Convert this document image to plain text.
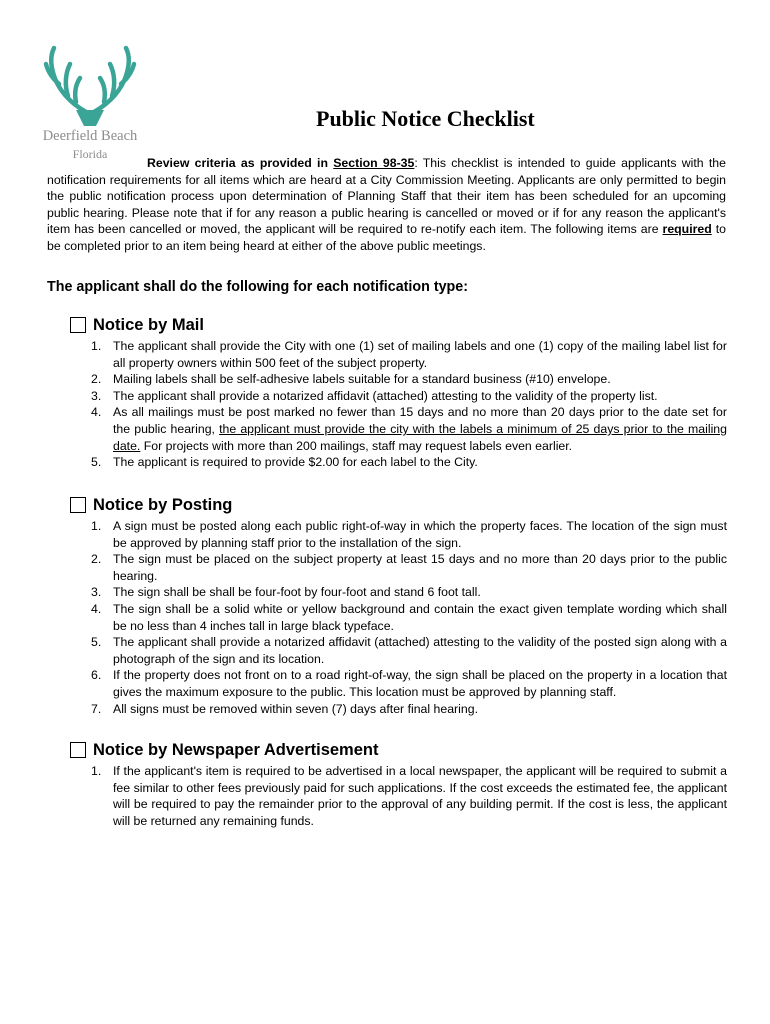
Deerfield Beach
Florida
Public Notice Checklist
Review criteria as provided in Section 98-35: This checklist is intended to guide applicants with the notification requirements for all items which are heard at a City Commission Meeting. Applicants are only permitted to begin the public notification process upon determination of Planning Staff that their item has been scheduled for an upcoming public hearing. Please note that if for any reason a public hearing is cancelled or moved or if for any reason the applicant's item has been cancelled or moved, the applicant will be required to re-notify each item. The following items are required to be completed prior to an item being heard at either of the above public meetings.
The applicant shall do the following for each notification type:
Notice by Mail
1. The applicant shall provide the City with one (1) set of mailing labels and one (1) copy of the mailing label list for all property owners within 500 feet of the subject property.
2. Mailing labels shall be self-adhesive labels suitable for a standard business (#10) envelope.
3. The applicant shall provide a notarized affidavit (attached) attesting to the validity of the property list.
4. As all mailings must be post marked no fewer than 15 days and no more than 20 days prior to the date set for the public hearing, the applicant must provide the city with the labels a minimum of 25 days prior to the mailing date. For projects with more than 200 mailings, staff may request labels even earlier.
5. The applicant is required to provide $2.00 for each label to the City.
Notice by Posting
1. A sign must be posted along each public right-of-way in which the property faces. The location of the sign must be approved by planning staff prior to the installation of the sign.
2. The sign must be placed on the subject property at least 15 days and no more than 20 days prior to the public hearing.
3. The sign shall be shall be four-foot by four-foot and stand 6 foot tall.
4. The sign shall be a solid white or yellow background and contain the exact given template wording which shall be no less than 4 inches tall in large black typeface.
5. The applicant shall provide a notarized affidavit (attached) attesting to the validity of the posted sign along with a photograph of the sign and its location.
6. If the property does not front on to a road right-of-way, the sign shall be placed on the property in a location that gives the maximum exposure to the public. This location must be approved by planning staff.
7. All signs must be removed within seven (7) days after final hearing.
Notice by Newspaper Advertisement
1. If the applicant's item is required to be advertised in a local newspaper, the applicant will be required to submit a fee similar to other fees previously paid for such applications. If the cost exceeds the estimated fee, the applicant will be required to pay the remainder prior to the approval of any building permit. If the cost is less, the applicant will be returned any remaining funds.
